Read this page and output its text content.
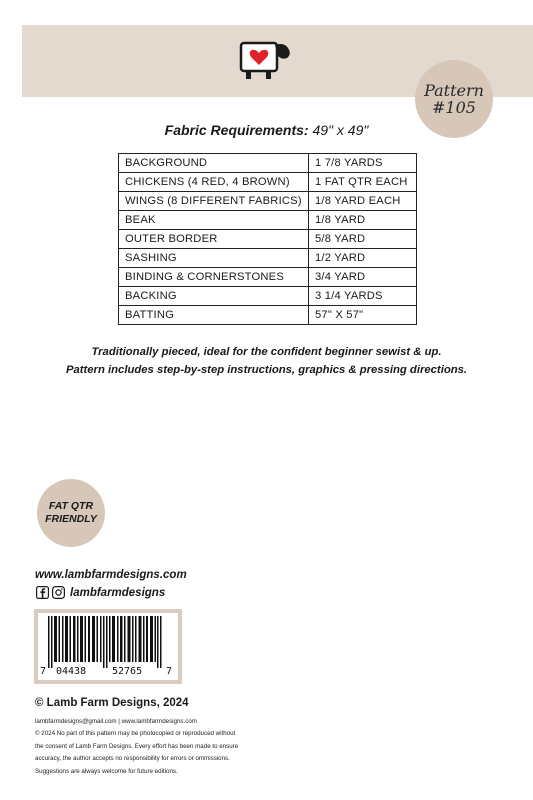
Pattern
#105
Fabric Requirements: 49" x 49"
BACKGROUND	1 7/8 YARDS
CHICKENS (4 RED, 4 BROWN)	1 FAT QTR EACH
WINGS (8 DIFFERENT FABRICS)	1/8 YARD EACH
BEAK	1/8 YARD
OUTER BORDER	5/8 YARD
SASHING	1/2 YARD
BINDING & CORNERSTONES	3/4 YARD
BACKING	3 1/4 YARDS
BATTING	57" X 57"
Traditionally pieced, ideal for the confident beginner sewist & up.
Pattern includes step-by-step instructions, graphics & pressing directions.
FAT QTR
FRIENDLY
www.lambfarmdesigns.com
lambfarmdesigns
7 04438	52765 7
© Lamb Farm Designs, 2024
lambfarmdesigns@gmail.com | www.lambfarmdesigns.com
© 2024 No part of this pattern may be photocopied or reproduced without
the consent of Lamb Farm Designs. Every effort has been made to ensure
accuracy, the author accepts no responsibility for errors or ommissions.
Suggestions are always welcome for future editions.
